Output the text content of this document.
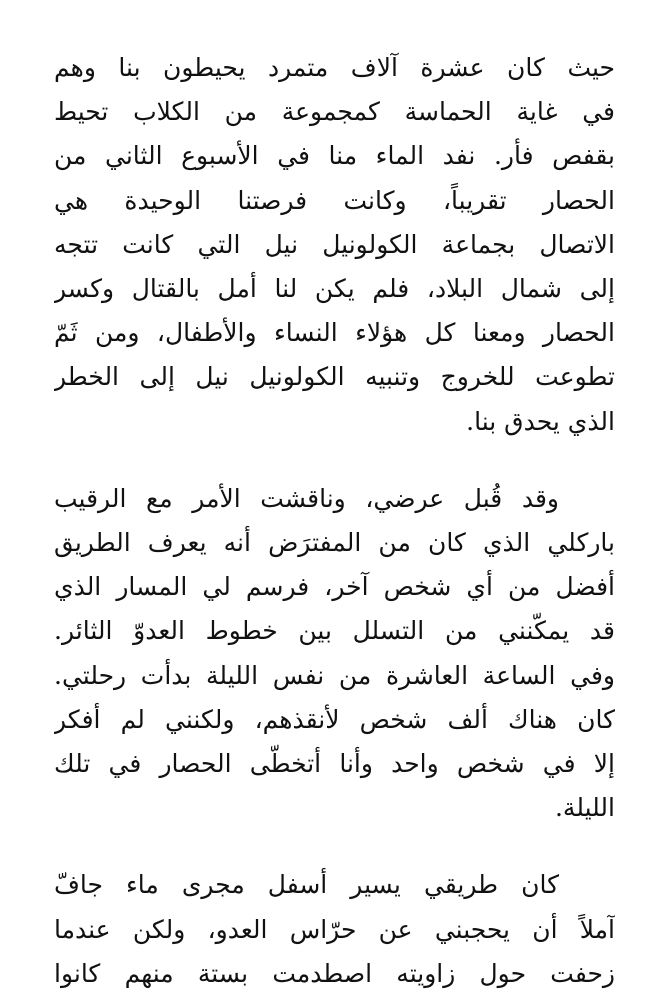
حيث كان عشرة آلاف متمرد يحيطون بنا وهم
في غاية الحماسة كمجموعة من الكلاب تحيط
بقفص فأر. نفد الماء منا في الأسبوع الثاني من
الحصار تقريباً، وكانت فرصتنا الوحيدة هي
الاتصال بجماعة الكولونيل نيل التي كانت تتجه
إلى شمال البلاد، فلم يكن لنا أمل بالقتال وكسر
الحصار ومعنا كل هؤلاء النساء والأطفال، ومن ثَمّ
تطوعت للخروج وتنبيه الكولونيل نيل إلى الخطر
الذي يحدق بنا.

وقد قُبل عرضي، وناقشت الأمر مع الرقيب
باركلي الذي كان من المفترَض أنه يعرف الطريق
أفضل من أي شخص آخر، فرسم لي المسار الذي
قد يمكّنني من التسلل بين خطوط العدوّ الثائر.
وفي الساعة العاشرة من نفس الليلة بدأت رحلتي.
كان هناك ألف شخص لأنقذهم، ولكنني لم أفكر
إلا في شخص واحد وأنا أتخطّى الحصار في تلك
الليلة.

كان طريقي يسير أسفل مجرى ماء جافّ
آملاً أن يحجبني عن حرّاس العدو، ولكن عندما
زحفت حول زاويته اصطدمت بستة منهم كانوا
